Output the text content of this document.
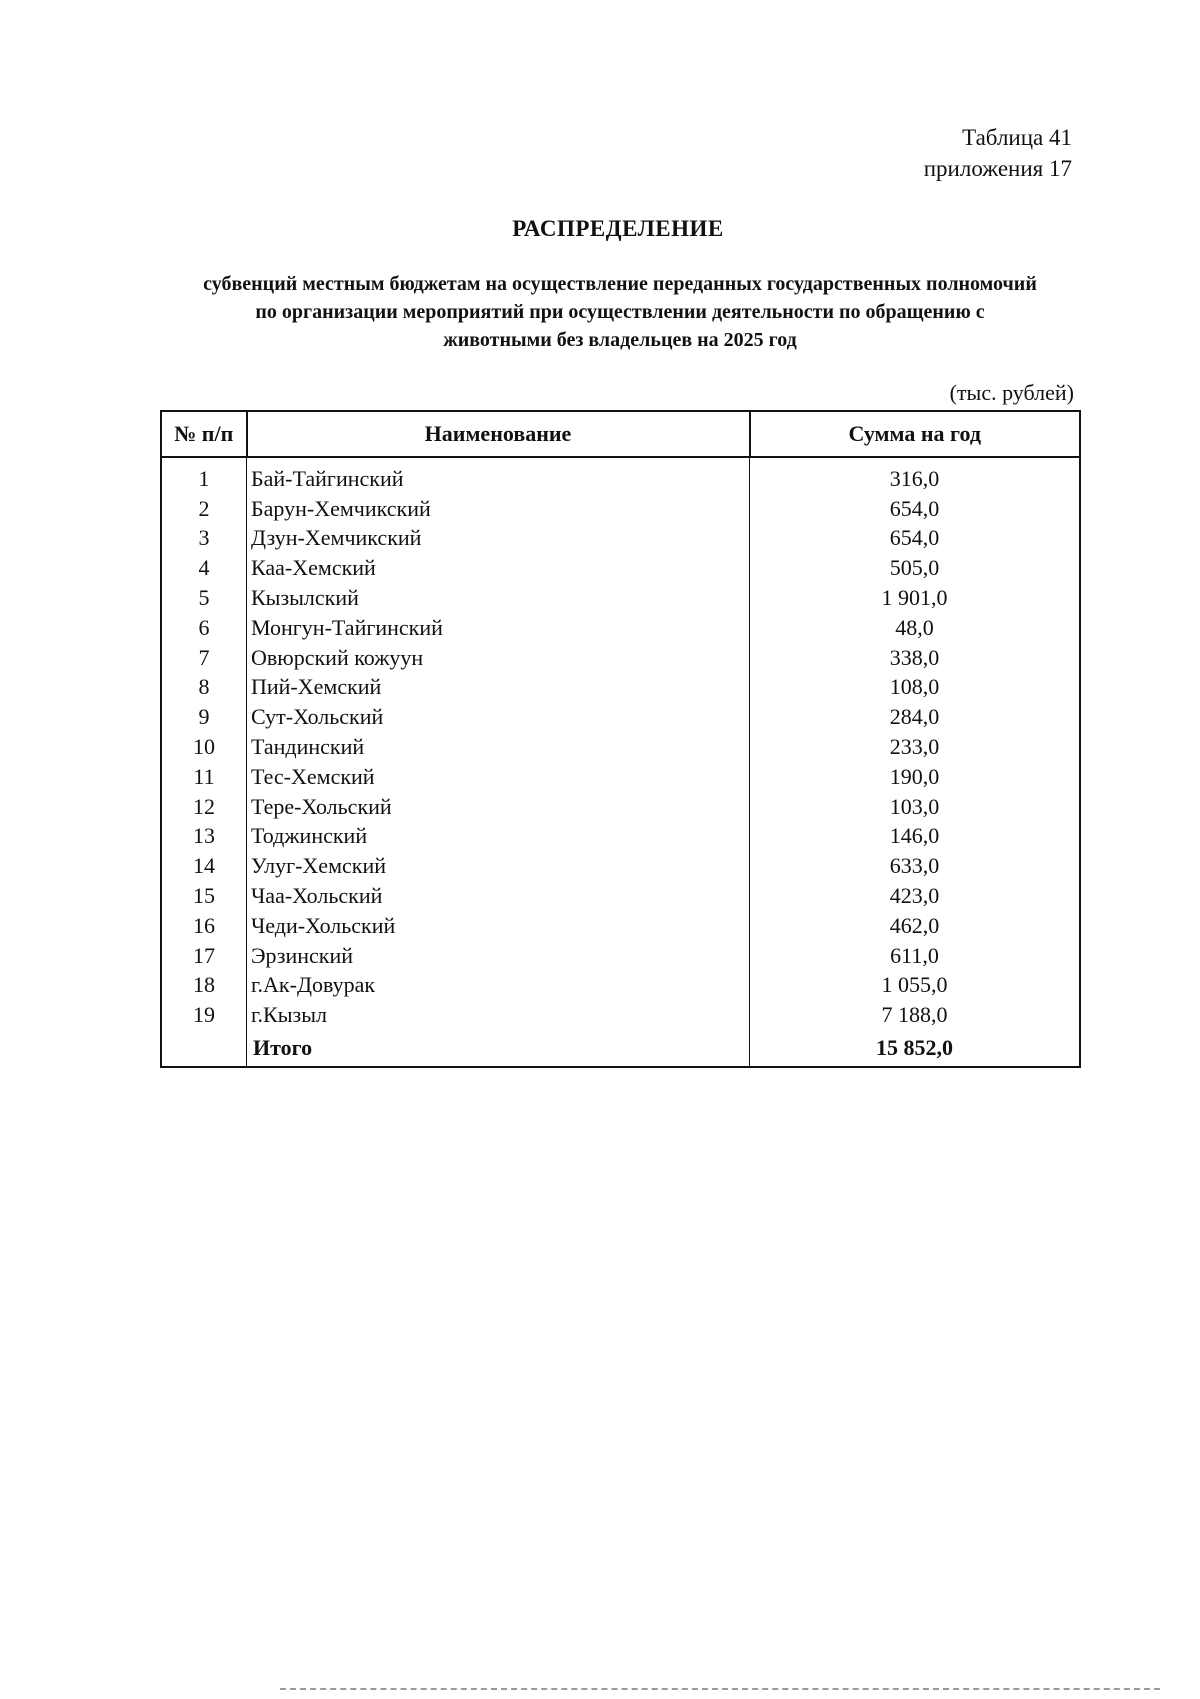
Таблица 41
приложения 17
РАСПРЕДЕЛЕНИЕ
субвенций местным бюджетам на осуществление переданных государственных полномочий по организации мероприятий при осуществлении деятельности по обращению с животными без владельцев на 2025 год
(тыс. рублей)
№ п/п	Наименование	Сумма на год
1	Бай-Тайгинский	316,0
2	Барун-Хемчикский	654,0
3	Дзун-Хемчикский	654,0
4	Каа-Хемский	505,0
5	Кызылский	1 901,0
6	Монгун-Тайгинский	48,0
7	Овюрский кожуун	338,0
8	Пий-Хемский	108,0
9	Сут-Хольский	284,0
10	Тандинский	233,0
11	Тес-Хемский	190,0
12	Тере-Хольский	103,0
13	Тоджинский	146,0
14	Улуг-Хемский	633,0
15	Чаа-Хольский	423,0
16	Чеди-Хольский	462,0
17	Эрзинский	611,0
18	г.Ак-Довурак	1 055,0
19	г.Кызыл	7 188,0
	Итого	15 852,0
